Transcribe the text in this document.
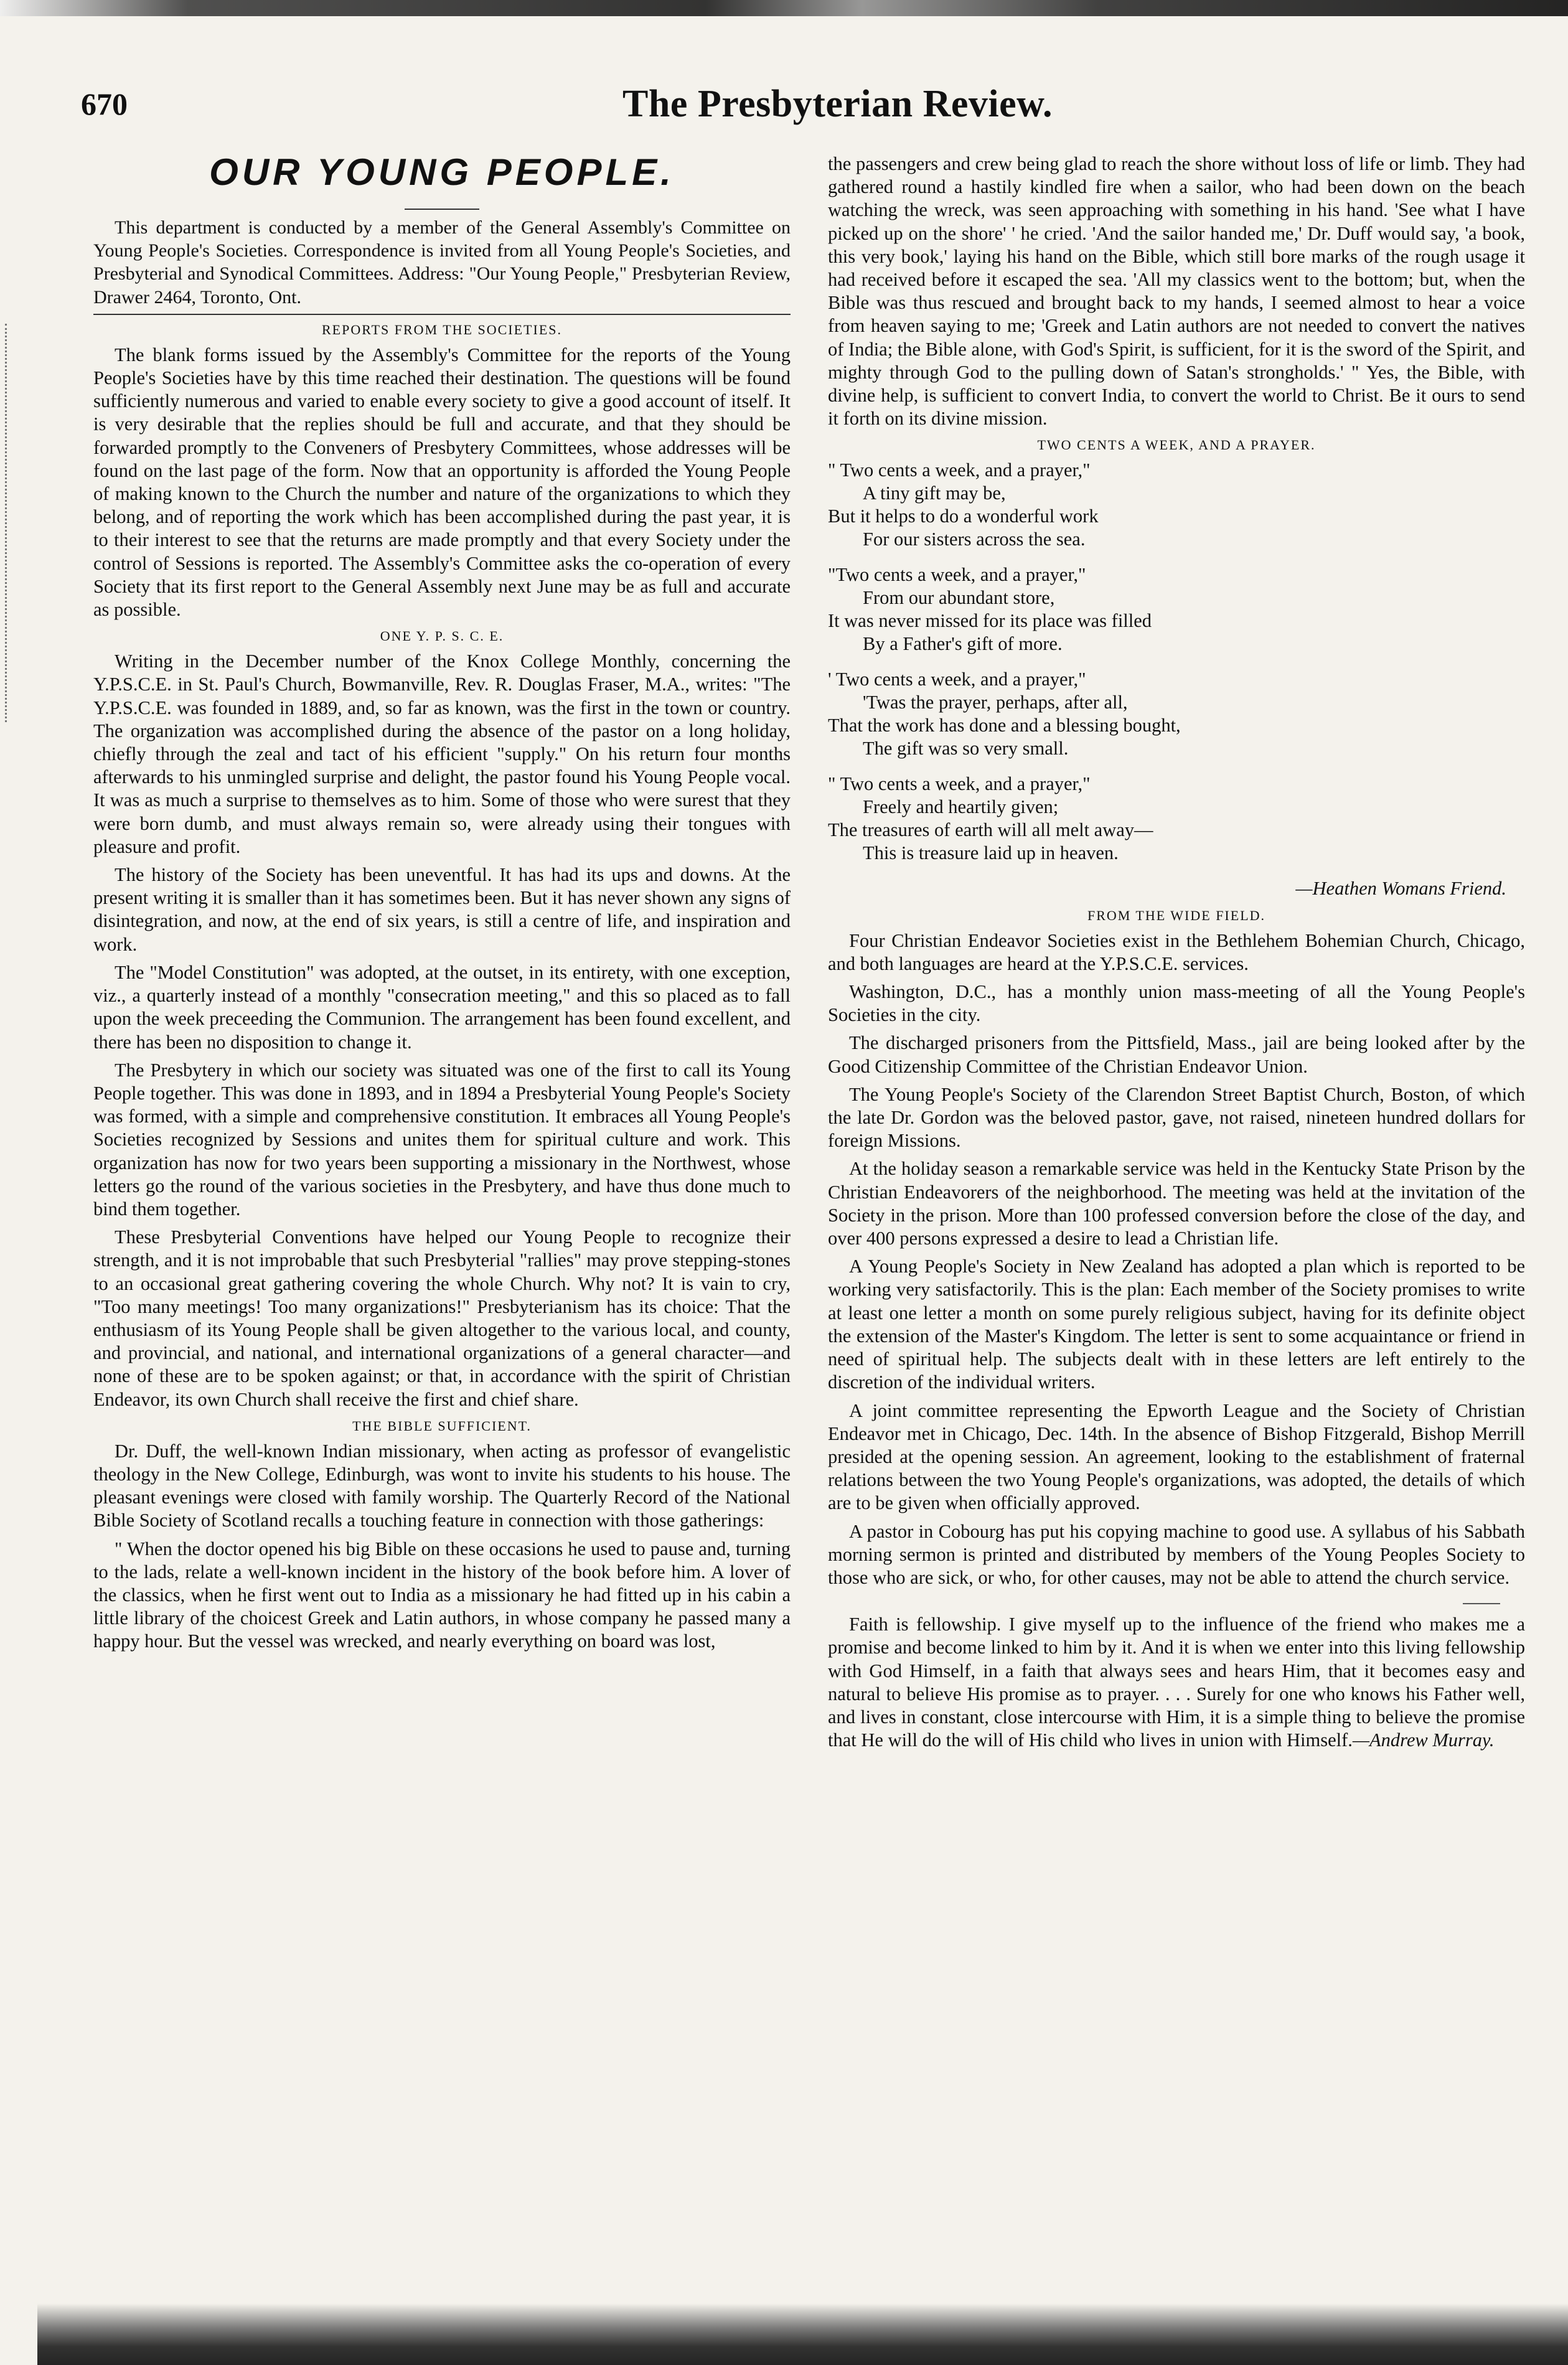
670	The Presbyterian Review.
OUR YOUNG PEOPLE.

This department is conducted by a member of the General Assembly's Committee on Young People's Societies. Correspondence is invited from all Young People's Societies, and Presbyterial and Synodical Committees. Address: "Our Young People," Presbyterian Review, Drawer 2464, Toronto, Ont.

REPORTS FROM THE SOCIETIES.

The blank forms issued by the Assembly's Committee for the reports of the Young People's Societies have by this time reached their destination. The questions will be found sufficiently numerous and varied to enable every society to give a good account of itself. It is very desirable that the replies should be full and accurate, and that they should be forwarded promptly to the Conveners of Presbytery Committees, whose addresses will be found on the last page of the form. Now that an opportunity is afforded the Young People of making known to the Church the number and nature of the organizations to which they belong, and of reporting the work which has been accomplished during the past year, it is to their interest to see that the returns are made promptly and that every Society under the control of Sessions is reported. The Assembly's Committee asks the co-operation of every Society that its first report to the General Assembly next June may be as full and accurate as possible.

ONE Y. P. S. C. E.

Writing in the December number of the Knox College Monthly, concerning the Y.P.S.C.E. in St. Paul's Church, Bowmanville, Rev. R. Douglas Fraser, M.A., writes: "The Y.P.S.C.E. was founded in 1889, and, so far as known, was the first in the town or country. The organization was accomplished during the absence of the pastor on a long holiday, chiefly through the zeal and tact of his efficient "supply." On his return four months afterwards to his unmingled surprise and delight, the pastor found his Young People vocal. It was as much a surprise to themselves as to him. Some of those who were surest that they were born dumb, and must always remain so, were already using their tongues with pleasure and profit.

The history of the Society has been uneventful. It has had its ups and downs. At the present writing it is smaller than it has sometimes been. But it has never shown any signs of disintegration, and now, at the end of six years, is still a centre of life, and inspiration and work.

The "Model Constitution" was adopted, at the outset, in its entirety, with one exception, viz., a quarterly instead of a monthly "consecration meeting," and this so placed as to fall upon the week preceeding the Communion. The arrangement has been found excellent, and there has been no disposition to change it.

The Presbytery in which our society was situated was one of the first to call its Young People together. This was done in 1893, and in 1894 a Presbyterial Young People's Society was formed, with a simple and comprehensive constitution. It embraces all Young People's Societies recognized by Sessions and unites them for spiritual culture and work. This organization has now for two years been supporting a missionary in the Northwest, whose letters go the round of the various societies in the Presbytery, and have thus done much to bind them together.

These Presbyterial Conventions have helped our Young People to recognize their strength, and it is not improbable that such Presbyterial "rallies" may prove stepping-stones to an occasional great gathering covering the whole Church. Why not? It is vain to cry, "Too many meetings! Too many organizations!" Presbyterianism has its choice: That the enthusiasm of its Young People shall be given altogether to the various local, and county, and provincial, and national, and international organizations of a general character—and none of these are to be spoken against; or that, in accordance with the spirit of Christian Endeavor, its own Church shall receive the first and chief share.

THE BIBLE SUFFICIENT.

Dr. Duff, the well-known Indian missionary, when acting as professor of evangelistic theology in the New College, Edinburgh, was wont to invite his students to his house. The pleasant evenings were closed with family worship. The Quarterly Record of the National Bible Society of Scotland recalls a touching feature in connection with those gatherings:

" When the doctor opened his big Bible on these occasions he used to pause and, turning to the lads, relate a well-known incident in the history of the book before him. A lover of the classics, when he first went out to India as a missionary he had fitted up in his cabin a little library of the choicest Greek and Latin authors, in whose company he passed many a happy hour. But the vessel was wrecked, and nearly everything on board was lost,

the passengers and crew being glad to reach the shore without loss of life or limb. They had gathered round a hastily kindled fire when a sailor, who had been down on the beach watching the wreck, was seen approaching with something in his hand. 'See what I have picked up on the shore' ' he cried. 'And the sailor handed me,' Dr. Duff would say, 'a book, this very book,' laying his hand on the Bible, which still bore marks of the rough usage it had received before it escaped the sea. 'All my classics went to the bottom; but, when the Bible was thus rescued and brought back to my hands, I seemed almost to hear a voice from heaven saying to me; 'Greek and Latin authors are not needed to convert the natives of India; the Bible alone, with God's Spirit, is sufficient, for it is the sword of the Spirit, and mighty through God to the pulling down of Satan's strongholds.' " Yes, the Bible, with divine help, is sufficient to convert India, to convert the world to Christ. Be it ours to send it forth on its divine mission.

TWO CENTS A WEEK, AND A PRAYER.
" Two cents a week, and a prayer,"
A tiny gift may be,
But it helps to do a wonderful work
For our sisters across the sea.
"Two cents a week, and a prayer,"
From our abundant store,
It was never missed for its place was filled
By a Father's gift of more.
' Two cents a week, and a prayer,"
'Twas the prayer, perhaps, after all,
That the work has done and a blessing bought,
The gift was so very small.
" Two cents a week, and a prayer,"
Freely and heartily given;
The treasures of earth will all melt away—
This is treasure laid up in heaven.
—Heathen Womans Friend.
FROM THE WIDE FIELD.

Four Christian Endeavor Societies exist in the Bethlehem Bohemian Church, Chicago, and both languages are heard at the Y.P.S.C.E. services.

Washington, D.C., has a monthly union mass-meeting of all the Young People's Societies in the city.

The discharged prisoners from the Pittsfield, Mass., jail are being looked after by the Good Citizenship Committee of the Christian Endeavor Union.

The Young People's Society of the Clarendon Street Baptist Church, Boston, of which the late Dr. Gordon was the beloved pastor, gave, not raised, nineteen hundred dollars for foreign Missions.

At the holiday season a remarkable service was held in the Kentucky State Prison by the Christian Endeavorers of the neighborhood. The meeting was held at the invitation of the Society in the prison. More than 100 professed conversion before the close of the day, and over 400 persons expressed a desire to lead a Christian life.

A Young People's Society in New Zealand has adopted a plan which is reported to be working very satisfactorily. This is the plan: Each member of the Society promises to write at least one letter a month on some purely religious subject, having for its definite object the extension of the Master's Kingdom. The letter is sent to some acquaintance or friend in need of spiritual help. The subjects dealt with in these letters are left entirely to the discretion of the individual writers.

A joint committee representing the Epworth League and the Society of Christian Endeavor met in Chicago, Dec. 14th. In the absence of Bishop Fitzgerald, Bishop Merrill presided at the opening session. An agreement, looking to the establishment of fraternal relations between the two Young People's organizations, was adopted, the details of which are to be given when officially approved.

A pastor in Cobourg has put his copying machine to good use. A syllabus of his Sabbath morning sermon is printed and distributed by members of the Young Peoples Society to those who are sick, or who, for other causes, may not be able to attend the church service.

Faith is fellowship. I give myself up to the influence of the friend who makes me a promise and become linked to him by it. And it is when we enter into this living fellowship with God Himself, in a faith that always sees and hears Him, that it becomes easy and natural to believe His promise as to prayer. . . . Surely for one who knows his Father well, and lives in constant, close intercourse with Him, it is a simple thing to believe the promise that He will do the will of His child who lives in union with Himself.—Andrew Murray.
